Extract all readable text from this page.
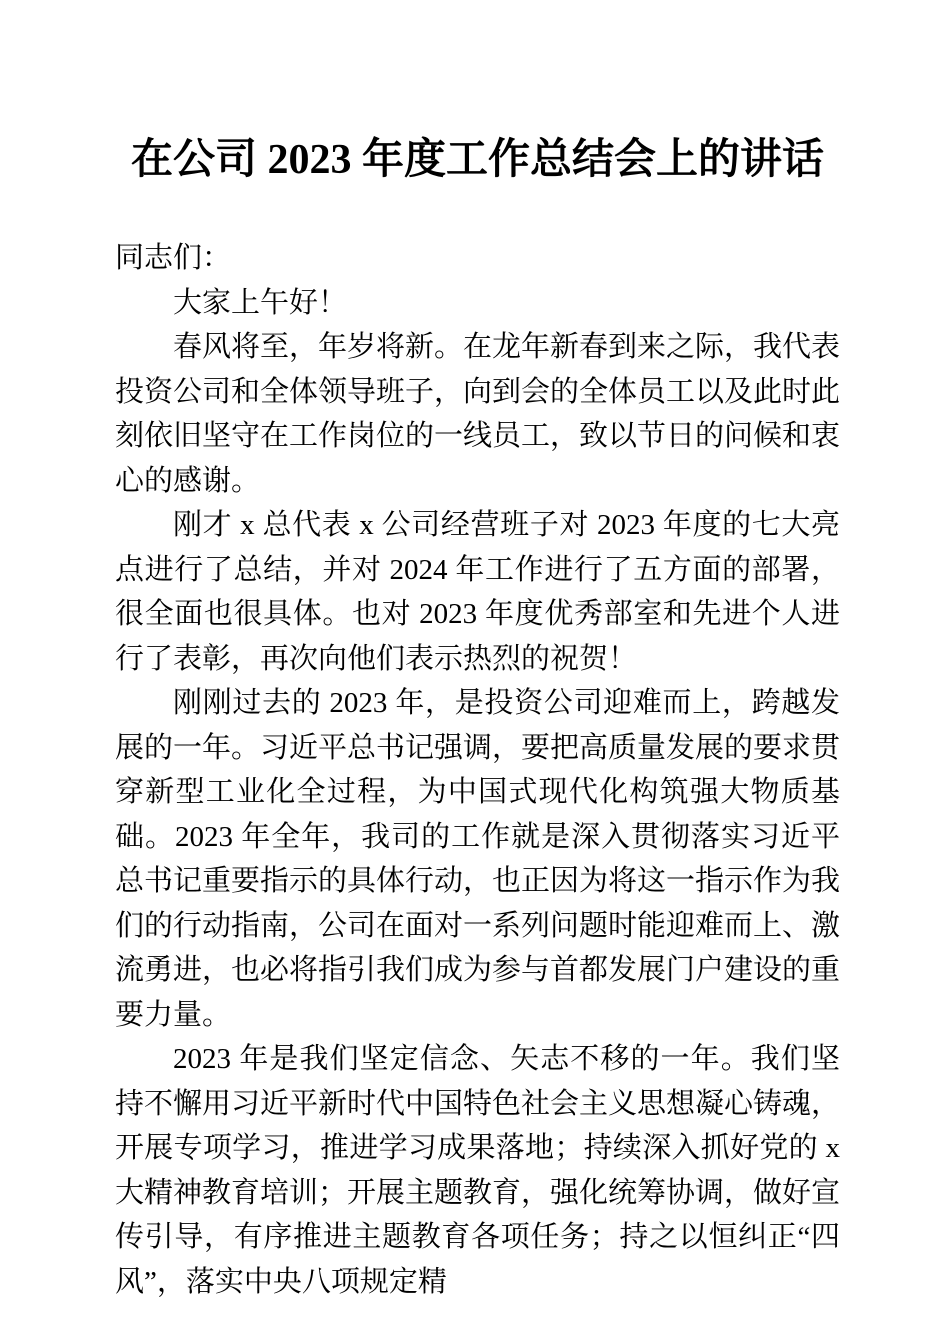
在公司 2023 年度工作总结会上的讲话

同志们：

大家上午好！

春风将至，年岁将新。在龙年新春到来之际，我代表投资公司和全体领导班子，向到会的全体员工以及此时此刻依旧坚守在工作岗位的一线员工，致以节日的问候和衷心的感谢。

刚才 x 总代表 x 公司经营班子对 2023 年度的七大亮点进行了总结，并对 2024 年工作进行了五方面的部署，很全面也很具体。也对 2023 年度优秀部室和先进个人进行了表彰，再次向他们表示热烈的祝贺！

刚刚过去的 2023 年，是投资公司迎难而上，跨越发展的一年。习近平总书记强调，要把高质量发展的要求贯穿新型工业化全过程，为中国式现代化构筑强大物质基础。2023 年全年，我司的工作就是深入贯彻落实习近平总书记重要指示的具体行动，也正因为将这一指示作为我们的行动指南，公司在面对一系列问题时能迎难而上、激流勇进，也必将指引我们成为参与首都发展门户建设的重要力量。

2023 年是我们坚定信念、矢志不移的一年。我们坚持不懈用习近平新时代中国特色社会主义思想凝心铸魂，开展专项学习，推进学习成果落地；持续深入抓好党的 x 大精神教育培训；开展主题教育，强化统筹协调，做好宣传引导，有序推进主题教育各项任务；持之以恒纠正“四风”，落实中央八项规定精
